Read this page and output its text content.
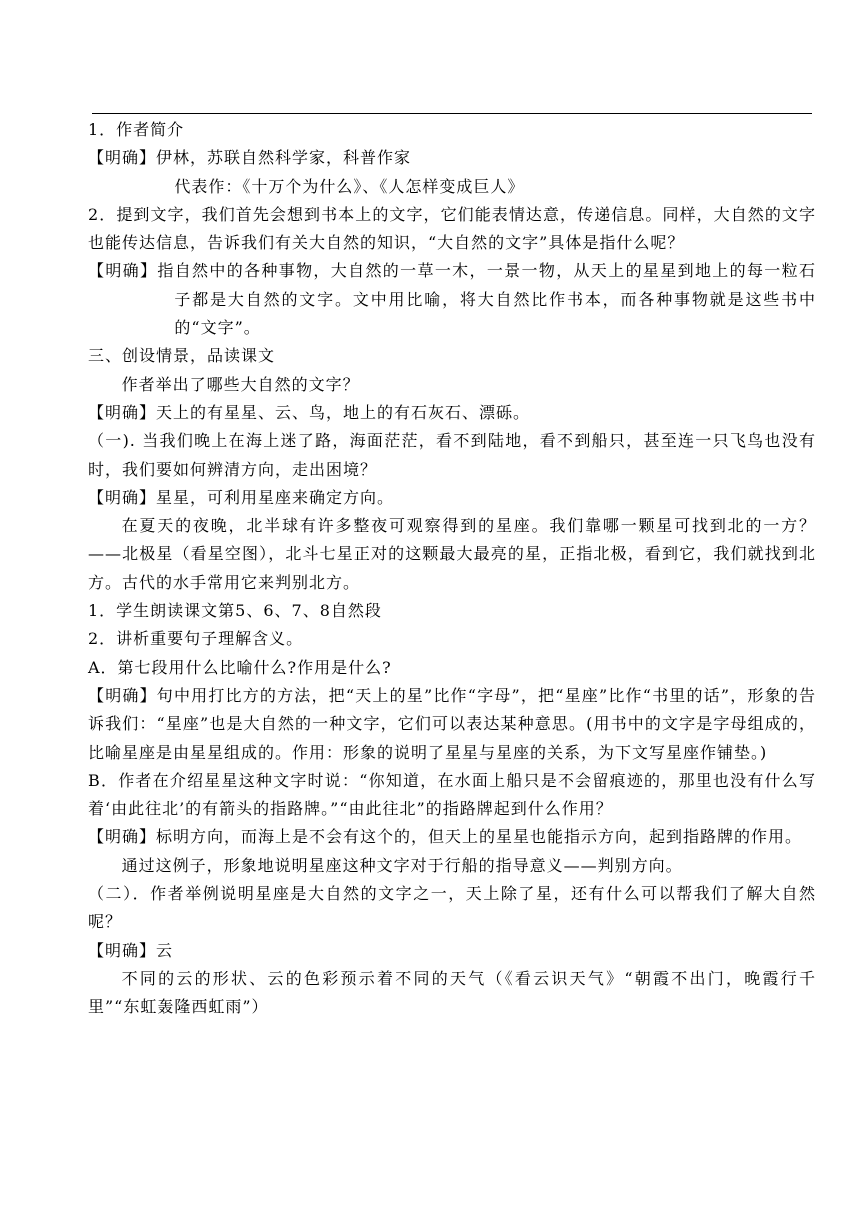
1．作者简介

【明确】伊林，苏联自然科学家，科普作家

代表作：《十万个为什么》、《人怎样变成巨人》

2．提到文字，我们首先会想到书本上的文字，它们能表情达意，传递信息。同样，大自然的文字也能传达信息，告诉我们有关大自然的知识，“大自然的文字”具体是指什么呢？

【明确】指自然中的各种事物，大自然的一草一木，一景一物，从天上的星星到地上的每一粒石子都是大自然的文字。文中用比喻，将大自然比作书本，而各种事物就是这些书中的“文字”。

三、创设情景，品读课文

作者举出了哪些大自然的文字？

【明确】天上的有星星、云、鸟，地上的有石灰石、漂砾。

（一). 当我们晚上在海上迷了路，海面茫茫，看不到陆地，看不到船只，甚至连一只飞鸟也没有时，我们要如何辨清方向，走出困境？

【明确】星星，可利用星座来确定方向。

在夏天的夜晚，北半球有许多整夜可观察得到的星座。我们靠哪一颗星可找到北的一方？——北极星（看星空图），北斗七星正对的这颗最大最亮的星，正指北极，看到它，我们就找到北方。古代的水手常用它来判别北方。

1．学生朗读课文第5、6、7、8自然段

2．讲析重要句子理解含义。

A．第七段用什么比喻什么?作用是什么?

【明确】句中用打比方的方法，把“天上的星”比作“字母”，把“星座”比作“书里的话”，形象的告诉我们：“星座”也是大自然的一种文字，它们可以表达某种意思。(用书中的文字是字母组成的，比喻星座是由星星组成的。作用：形象的说明了星星与星座的关系，为下文写星座作铺垫。)

B．作者在介绍星星这种文字时说：“你知道，在水面上船只是不会留痕迹的，那里也没有什么写着‘由此往北’的有箭头的指路牌。”“由此往北”的指路牌起到什么作用？

【明确】标明方向，而海上是不会有这个的，但天上的星星也能指示方向，起到指路牌的作用。

通过这例子，形象地说明星座这种文字对于行船的指导意义——判别方向。

（二）．作者举例说明星座是大自然的文字之一，天上除了星，还有什么可以帮我们了解大自然呢？

【明确】云

不同的云的形状、云的色彩预示着不同的天气（《看云识天气》“朝霞不出门，晚霞行千里”“东虹轰隆西虹雨”）
